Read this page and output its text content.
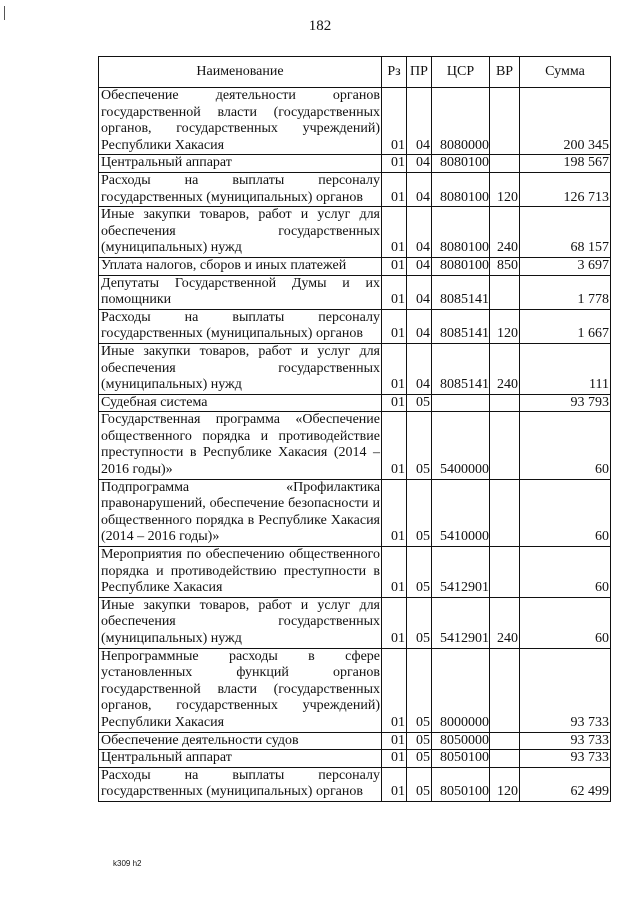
182
Наименование	Рз	ПР	ЦСР	ВР	Сумма
Обеспечение деятельности органов государственной власти (государственных органов, государственных учреждений) Республики Хакасия	01	04	8080000		200 345
Центральный аппарат	01	04	8080100		198 567
Расходы на выплаты персоналу государственных (муниципальных) органов	01	04	8080100	120	126 713
Иные закупки товаров, работ и услуг для обеспечения государственных (муниципальных) нужд	01	04	8080100	240	68 157
Уплата налогов, сборов и иных платежей	01	04	8080100	850	3 697
Депутаты Государственной Думы и их помощники	01	04	8085141		1 778
Расходы на выплаты персоналу государственных (муниципальных) органов	01	04	8085141	120	1 667
Иные закупки товаров, работ и услуг для обеспечения государственных (муниципальных) нужд	01	04	8085141	240	111
Судебная система	01	05			93 793
Государственная программа «Обеспечение общественного порядка и противодействие преступности в Республике Хакасия (2014 – 2016 годы)»	01	05	5400000		60
Подпрограмма «Профилактика правонарушений, обеспечение безопасности и общественного порядка в Республике Хакасия (2014 – 2016 годы)»	01	05	5410000		60
Мероприятия по обеспечению общественного порядка и противодействию преступности в Республике Хакасия	01	05	5412901		60
Иные закупки товаров, работ и услуг для обеспечения государственных (муниципальных) нужд	01	05	5412901	240	60
Непрограммные расходы в сфере установленных функций органов государственной власти (государственных органов, государственных учреждений) Республики Хакасия	01	05	8000000		93 733
Обеспечение деятельности судов	01	05	8050000		93 733
Центральный аппарат	01	05	8050100		93 733
Расходы на выплаты персоналу государственных (муниципальных) органов	01	05	8050100	120	62 499
k309 h2
